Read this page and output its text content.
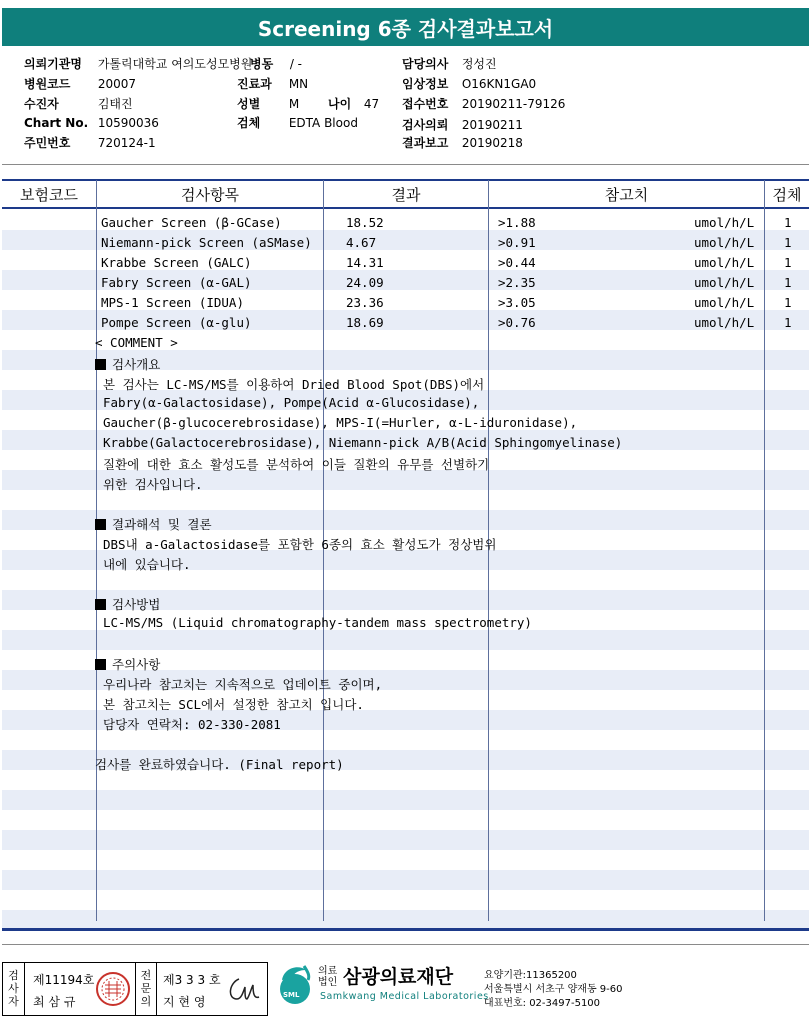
Screening 6종 검사결과보고서
의뢰기관명 가톨릭대학교 여의도성모병원
병원코드 20007
수진자	김태진
Chart No. 10590036
주민번호 720124-1
병동 / -
진료과 MN
성별 M 나이 47
검체 EDTA Blood
담당의사 정성진
임상정보 O16KN1GA0
접수번호 20190211-79126
검사의뢰 20190211
결과보고 20190218
보험코드	검사항목	결과	참고치	검체
Gaucher Screen (β-GCase)	18.52	>1.88	umol/h/L 1
Niemann-pick Screen (aSMase)	4.67	>0.91	umol/h/L 1
Krabbe Screen (GALC)	14.31	>0.44	umol/h/L 1
Fabry Screen (α-GAL)	24.09	>2.35	umol/h/L 1
MPS-1 Screen (IDUA)	23.36	>3.05	umol/h/L 1
Pompe Screen (α-glu)	18.69	>0.76	umol/h/L 1
< COMMENT >
검사개요
본 검사는 LC-MS/MS를 이용하여 Dried Blood Spot(DBS)에서
Fabry(α-Galactosidase), Pompe(Acid α-Glucosidase),
Gaucher(β-glucocerebrosidase), MPS-I(=Hurler, α-L-iduronidase),
Krabbe(Galactocerebrosidase), Niemann-pick A/B(Acid Sphingomyelinase)
질환에 대한 효소 활성도를 분석하여 이들 질환의 유무를 선별하기
위한 검사입니다.
결과해석 및 결론
DBS내 a-Galactosidase를 포함한 6종의 효소 활성도가 정상범위
내에 있습니다.
검사방법
LC-MS/MS (Liquid chromatography-tandem mass spectrometry)
주의사항
우리나라 참고치는 지속적으로 업데이트 중이며,
본 참고치는 SCL에서 설정한 참고치 입니다.
담당자 연락처: 02-330-2081
검사를 완료하였습니다. (Final report)
검
사
자
제11194호
최 삼 규
전
문
의
제3 3 3 호
지 현 영	SML
의료
법인 삼광의료재단
Samkwang Medical Laboratories
요양기관:11365200
서울특별시 서초구 양재동 9-60
대표번호: 02-3497-5100
